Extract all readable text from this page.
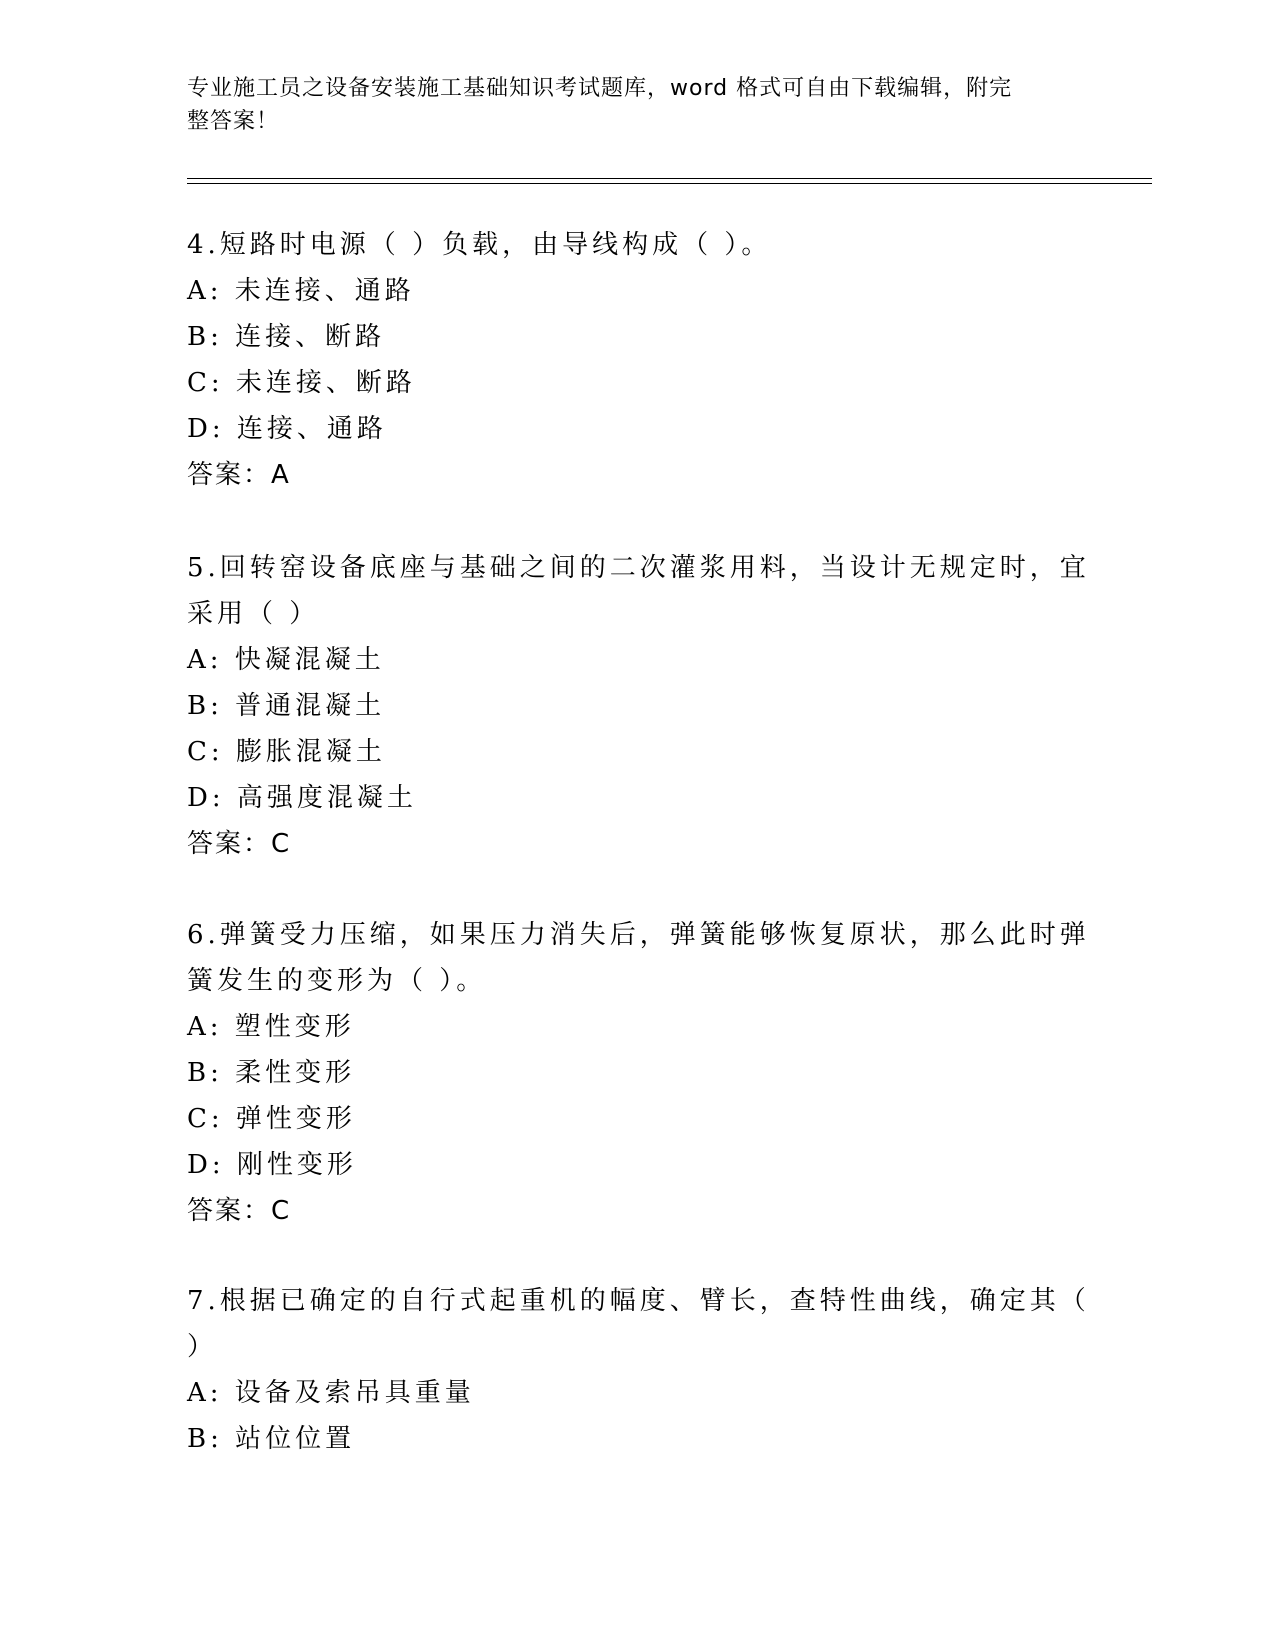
专业施工员之设备安装施工基础知识考试题库，word 格式可自由下载编辑，附完
整答案！
4.短路时电源（ ）负载，由导线构成（ ）。
A: 未连接、通路
B: 连接、断路
C: 未连接、断路
D: 连接、通路
答案：A
5.回转窑设备底座与基础之间的二次灌浆用料，当设计无规定时，宜
采用（ ）
A: 快凝混凝土
B: 普通混凝土
C: 膨胀混凝土
D: 高强度混凝土
答案：C
6.弹簧受力压缩，如果压力消失后，弹簧能够恢复原状，那么此时弹
簧发生的变形为（ ）。
A: 塑性变形
B: 柔性变形
C: 弹性变形
D: 刚性变形
答案：C
7.根据已确定的自行式起重机的幅度、臂长，查特性曲线，确定其（
）
A: 设备及索吊具重量
B: 站位位置
